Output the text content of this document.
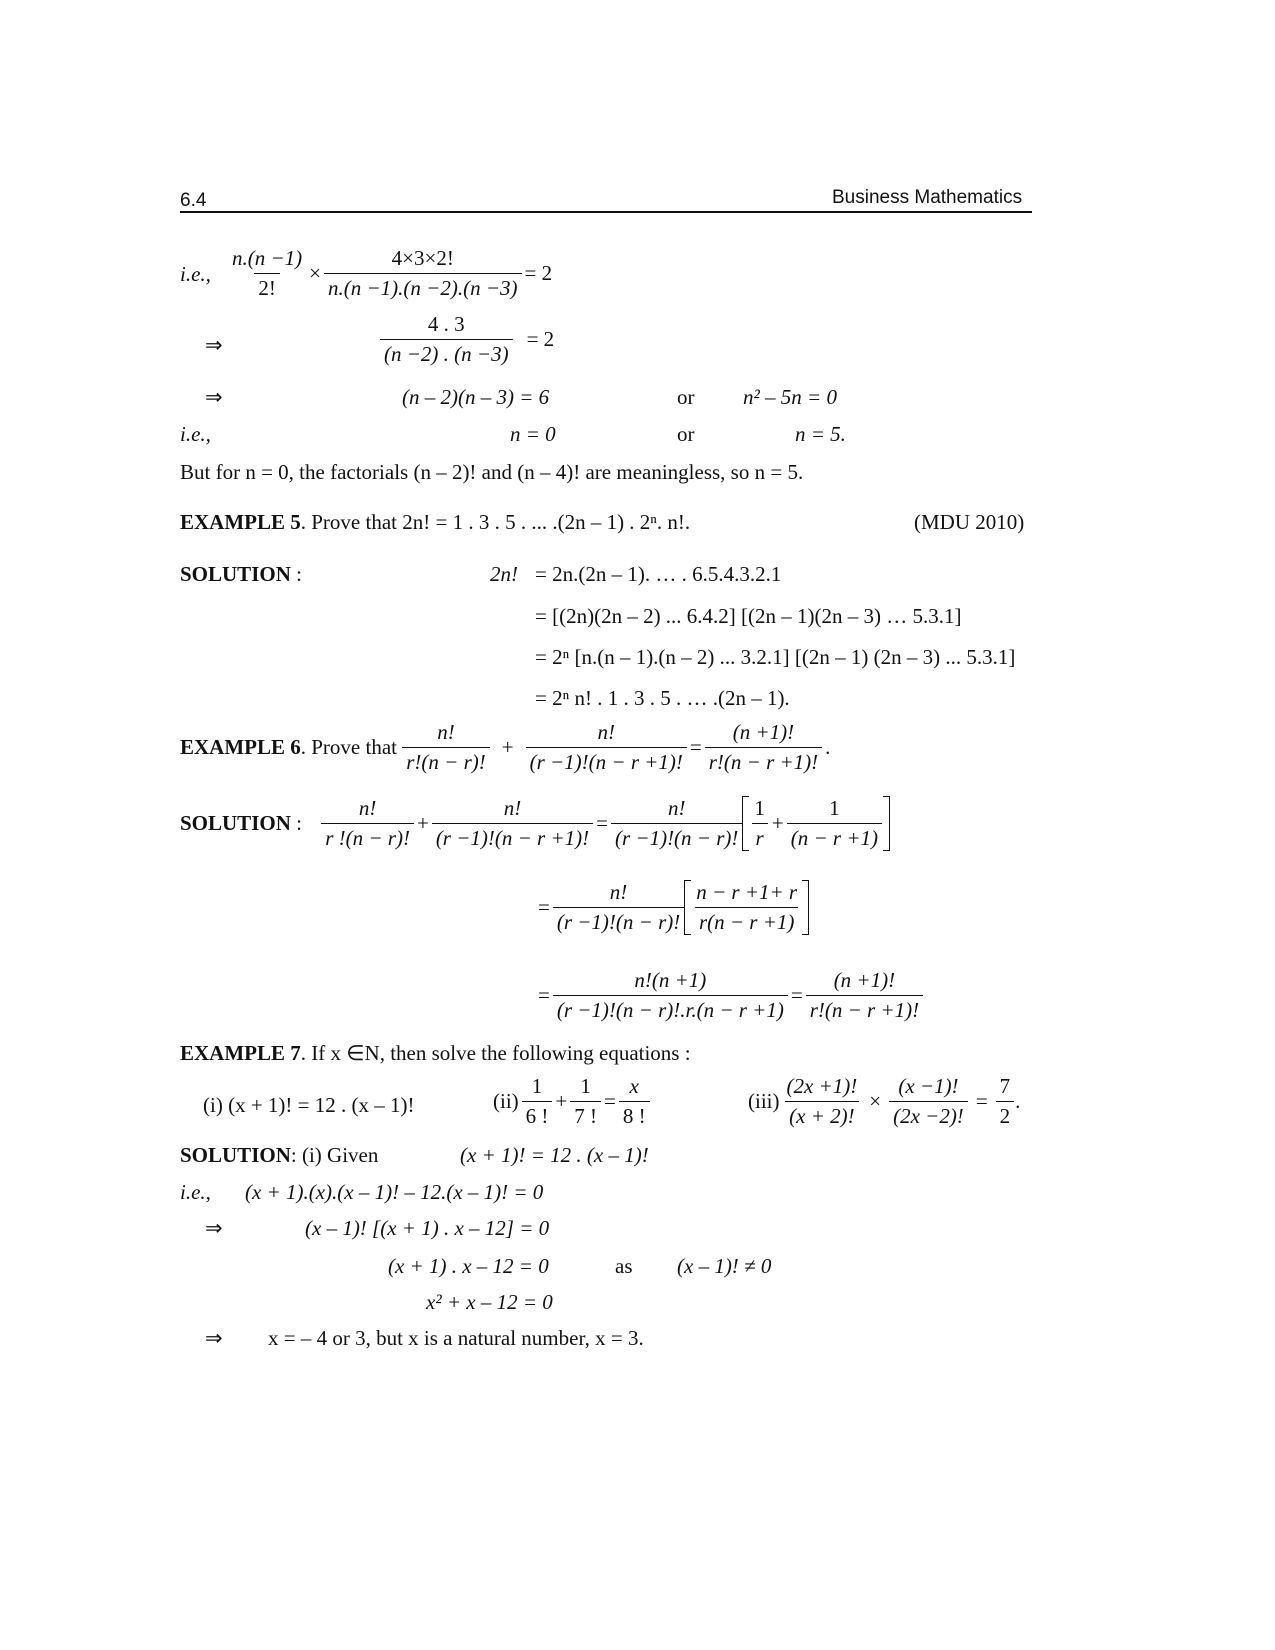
6.4	Business Mathematics
i.e., $\frac{n.(n -1)}{2!} \times \frac{4\times 3\times 2!}{n.(n -1).(n -2).(n -3)} = 2$
⇒	$\frac{4 . 3}{(n -2) . (n -3)} = 2$
⇒	(n – 2)(n – 3) = 6	or n² – 5n = 0
i.e.,	n = 0	or	n = 5.
But for n = 0, the factorials (n – 2)! and (n – 4)! are meaningless, so n = 5.
EXAMPLE 5. Prove that 2n! = 1 . 3 . 5 . ... .(2n – 1) . 2ⁿ. n!.	(MDU 2010)
SOLUTION :	2n! = 2n.(2n – 1). … . 6.5.4.3.2.1
= [(2n)(2n – 2) ... 6.4.2] [(2n – 1)(2n – 3) … 5.3.1]
= 2ⁿ [n.(n – 1).(n – 2) ... 3.2.1] [(2n – 1) (2n – 3) ... 5.3.1]
= 2ⁿ n! . 1 . 3 . 5 . … .(2n – 1).
EXAMPLE 6. Prove that $\frac{n!}{r!(n - r)!} + \frac{n!}{(r -1)!(n - r +1)!} = \frac{(n +1)!}{r!(n - r +1)!}$ .
SOLUTION : $\frac{n!}{r !(n - r)!} + \frac{n!}{(r -1)!(n - r +1)!} = \frac{n!}{(r -1)!(n - r)!} \frac{1}{r} + \frac{1}{(n - r +1)}$
= $\frac{n!}{(r -1)!(n - r)!} \frac{n - r +1+ r}{r(n - r +1)}$
= $\frac{n!(n +1)}{(r -1)!(n - r)!.r.(n - r +1)} = \frac{(n +1)!}{r!(n - r +1)!}$
EXAMPLE 7. If x ∈N, then solve the following equations :
(i) (x + 1)! = 12 . (x – 1)!	$(ii) \frac{1}{6 !} + \frac{1}{7 !} = \frac{x}{8 !}$	$(iii) \frac{(2x +1)!}{(x + 2)!} \times \frac{(x -1)!}{(2x -2)!} = \frac{7}{2}$ .
SOLUTION: (i) Given	(x + 1)! = 12 . (x – 1)!
i.e., (x + 1).(x).(x – 1)! – 12.(x – 1)! = 0
⇒	(x – 1)! [(x + 1) . x – 12] = 0
(x + 1) . x – 12 = 0	as (x – 1)! ≠ 0
x² + x – 12 = 0
⇒ x = – 4 or 3, but x is a natural number, x = 3.
